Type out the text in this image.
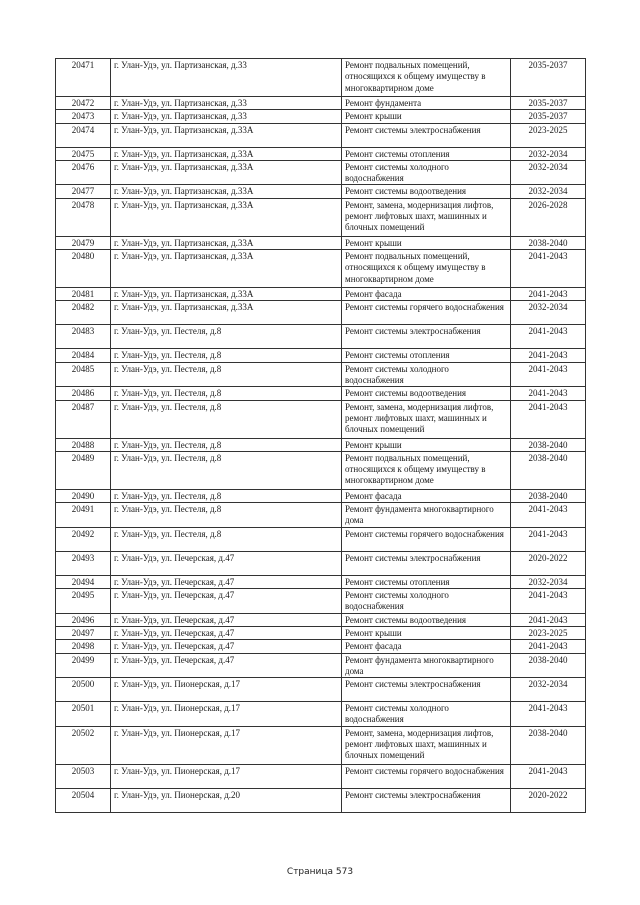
20471	г. Улан-Удэ, ул. Партизанская, д.33	Ремонт подвальных помещений, относящихся к общему имуществу в многоквартирном доме	2035-2037
20472	г. Улан-Удэ, ул. Партизанская, д.33	Ремонт фундамента	2035-2037
20473	г. Улан-Удэ, ул. Партизанская, д.33	Ремонт крыши	2035-2037
20474	г. Улан-Удэ, ул. Партизанская, д.33А	Ремонт системы электроснабжения	2023-2025
20475	г. Улан-Удэ, ул. Партизанская, д.33А	Ремонт системы отопления	2032-2034
20476	г. Улан-Удэ, ул. Партизанская, д.33А	Ремонт системы холодного водоснабжения	2032-2034
20477	г. Улан-Удэ, ул. Партизанская, д.33А	Ремонт системы водоотведения	2032-2034
20478	г. Улан-Удэ, ул. Партизанская, д.33А	Ремонт, замена, модернизация лифтов, ремонт лифтовых шахт, машинных и блочных помещений	2026-2028
20479	г. Улан-Удэ, ул. Партизанская, д.33А	Ремонт крыши	2038-2040
20480	г. Улан-Удэ, ул. Партизанская, д.33А	Ремонт подвальных помещений, относящихся к общему имуществу в многоквартирном доме	2041-2043
20481	г. Улан-Удэ, ул. Партизанская, д.33А	Ремонт фасада	2041-2043
20482	г. Улан-Удэ, ул. Партизанская, д.33А	Ремонт системы горячего водоснабжения	2032-2034
20483	г. Улан-Удэ, ул. Пестеля, д.8	Ремонт системы электроснабжения	2041-2043
20484	г. Улан-Удэ, ул. Пестеля, д.8	Ремонт системы отопления	2041-2043
20485	г. Улан-Удэ, ул. Пестеля, д.8	Ремонт системы холодного водоснабжения	2041-2043
20486	г. Улан-Удэ, ул. Пестеля, д.8	Ремонт системы водоотведения	2041-2043
20487	г. Улан-Удэ, ул. Пестеля, д.8	Ремонт, замена, модернизация лифтов, ремонт лифтовых шахт, машинных и блочных помещений	2041-2043
20488	г. Улан-Удэ, ул. Пестеля, д.8	Ремонт крыши	2038-2040
20489	г. Улан-Удэ, ул. Пестеля, д.8	Ремонт подвальных помещений, относящихся к общему имуществу в многоквартирном доме	2038-2040
20490	г. Улан-Удэ, ул. Пестеля, д.8	Ремонт фасада	2038-2040
20491	г. Улан-Удэ, ул. Пестеля, д.8	Ремонт фундамента многоквартирного дома	2041-2043
20492	г. Улан-Удэ, ул. Пестеля, д.8	Ремонт системы горячего водоснабжения	2041-2043
20493	г. Улан-Удэ, ул. Печерская, д.47	Ремонт системы электроснабжения	2020-2022
20494	г. Улан-Удэ, ул. Печерская, д.47	Ремонт системы отопления	2032-2034
20495	г. Улан-Удэ, ул. Печерская, д.47	Ремонт системы холодного водоснабжения	2041-2043
20496	г. Улан-Удэ, ул. Печерская, д.47	Ремонт системы водоотведения	2041-2043
20497	г. Улан-Удэ, ул. Печерская, д.47	Ремонт крыши	2023-2025
20498	г. Улан-Удэ, ул. Печерская, д.47	Ремонт фасада	2041-2043
20499	г. Улан-Удэ, ул. Печерская, д.47	Ремонт фундамента многоквартирного дома	2038-2040
20500	г. Улан-Удэ, ул. Пионерская, д.17	Ремонт системы электроснабжения	2032-2034
20501	г. Улан-Удэ, ул. Пионерская, д.17	Ремонт системы холодного водоснабжения	2041-2043
20502	г. Улан-Удэ, ул. Пионерская, д.17	Ремонт, замена, модернизация лифтов, ремонт лифтовых шахт, машинных и блочных помещений	2038-2040
20503	г. Улан-Удэ, ул. Пионерская, д.17	Ремонт системы горячего водоснабжения	2041-2043
20504	г. Улан-Удэ, ул. Пионерская, д.20	Ремонт системы электроснабжения	2020-2022
Страница 573
